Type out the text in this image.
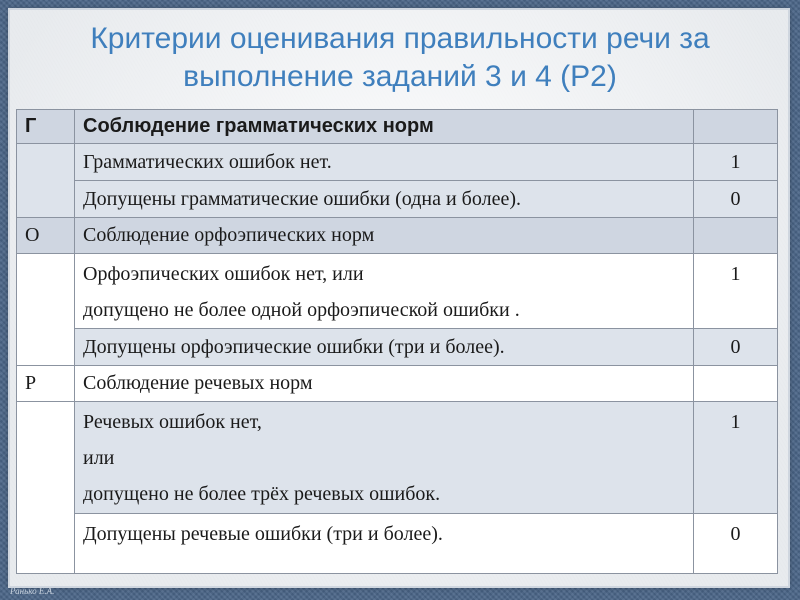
Критерии оценивания правильности речи за
выполнение заданий 3 и 4 (Р2)
Г	Соблюдение грамматических норм	

	Грамматических ошибок нет.	1

	Допущены грамматические ошибки (одна и более).	0
О	Соблюдение орфоэпических норм	

	Орфоэпических ошибок нет, или
допущено не более одной орфоэпической ошибки .	1

	Допущены орфоэпические ошибки (три и более).	0
Р	Соблюдение речевых норм	

	Речевых ошибок нет,
или
допущено не более трёх речевых ошибок.	1

	Допущены речевые ошибки (три и более).	0
Ранько Е.А.
